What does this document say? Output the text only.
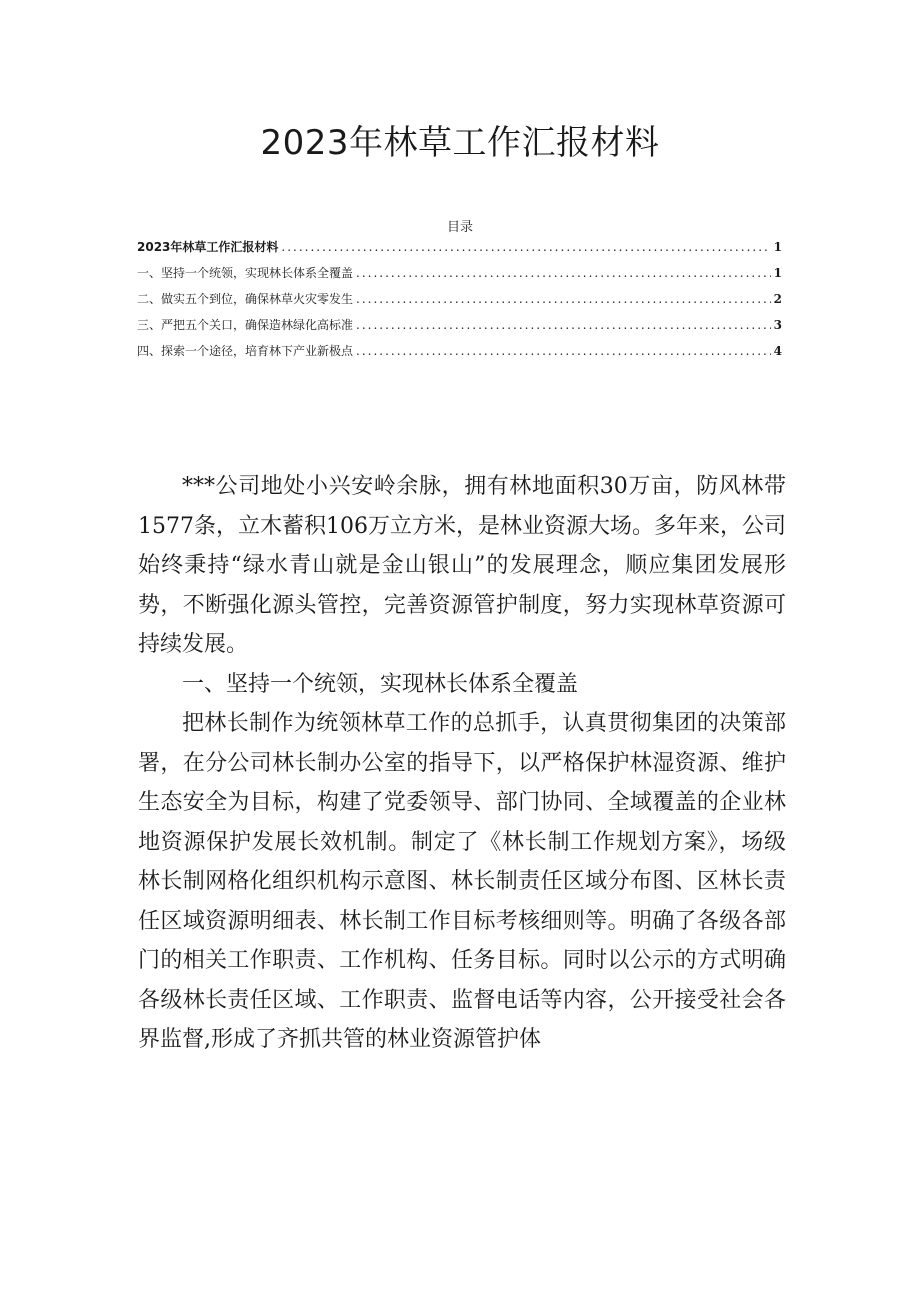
2023年林草工作汇报材料
目录
2023年林草工作汇报材料 .....	1
一、坚持一个统领，实现林长体系全覆盖 .....	1
二、做实五个到位，确保林草火灾零发生 .....	2
三、严把五个关口，确保造林绿化高标准 .....	3
四、探索一个途径，培育林下产业新极点 .....	4

***公司地处小兴安岭余脉，拥有林地面积30万亩，防风林带1577条，立木蓄积106万立方米，是林业资源大场。多年来，公司始终秉持“绿水青山就是金山银山”的发展理念，顺应集团发展形势，不断强化源头管控，完善资源管护制度，努力实现林草资源可持续发展。

一、坚持一个统领，实现林长体系全覆盖

把林长制作为统领林草工作的总抓手，认真贯彻集团的决策部署，在分公司林长制办公室的指导下，以严格保护林湿资源、维护生态安全为目标，构建了党委领导、部门协同、全域覆盖的企业林地资源保护发展长效机制。制定了《林长制工作规划方案》，场级林长制网格化组织机构示意图、林长制责任区域分布图、区林长责任区域资源明细表、林长制工作目标考核细则等。明确了各级各部门的相关工作职责、工作机构、任务目标。同时以公示的方式明确各级林长责任区域、工作职责、监督电话等内容，公开接受社会各界监督,形成了齐抓共管的林业资源管护体
